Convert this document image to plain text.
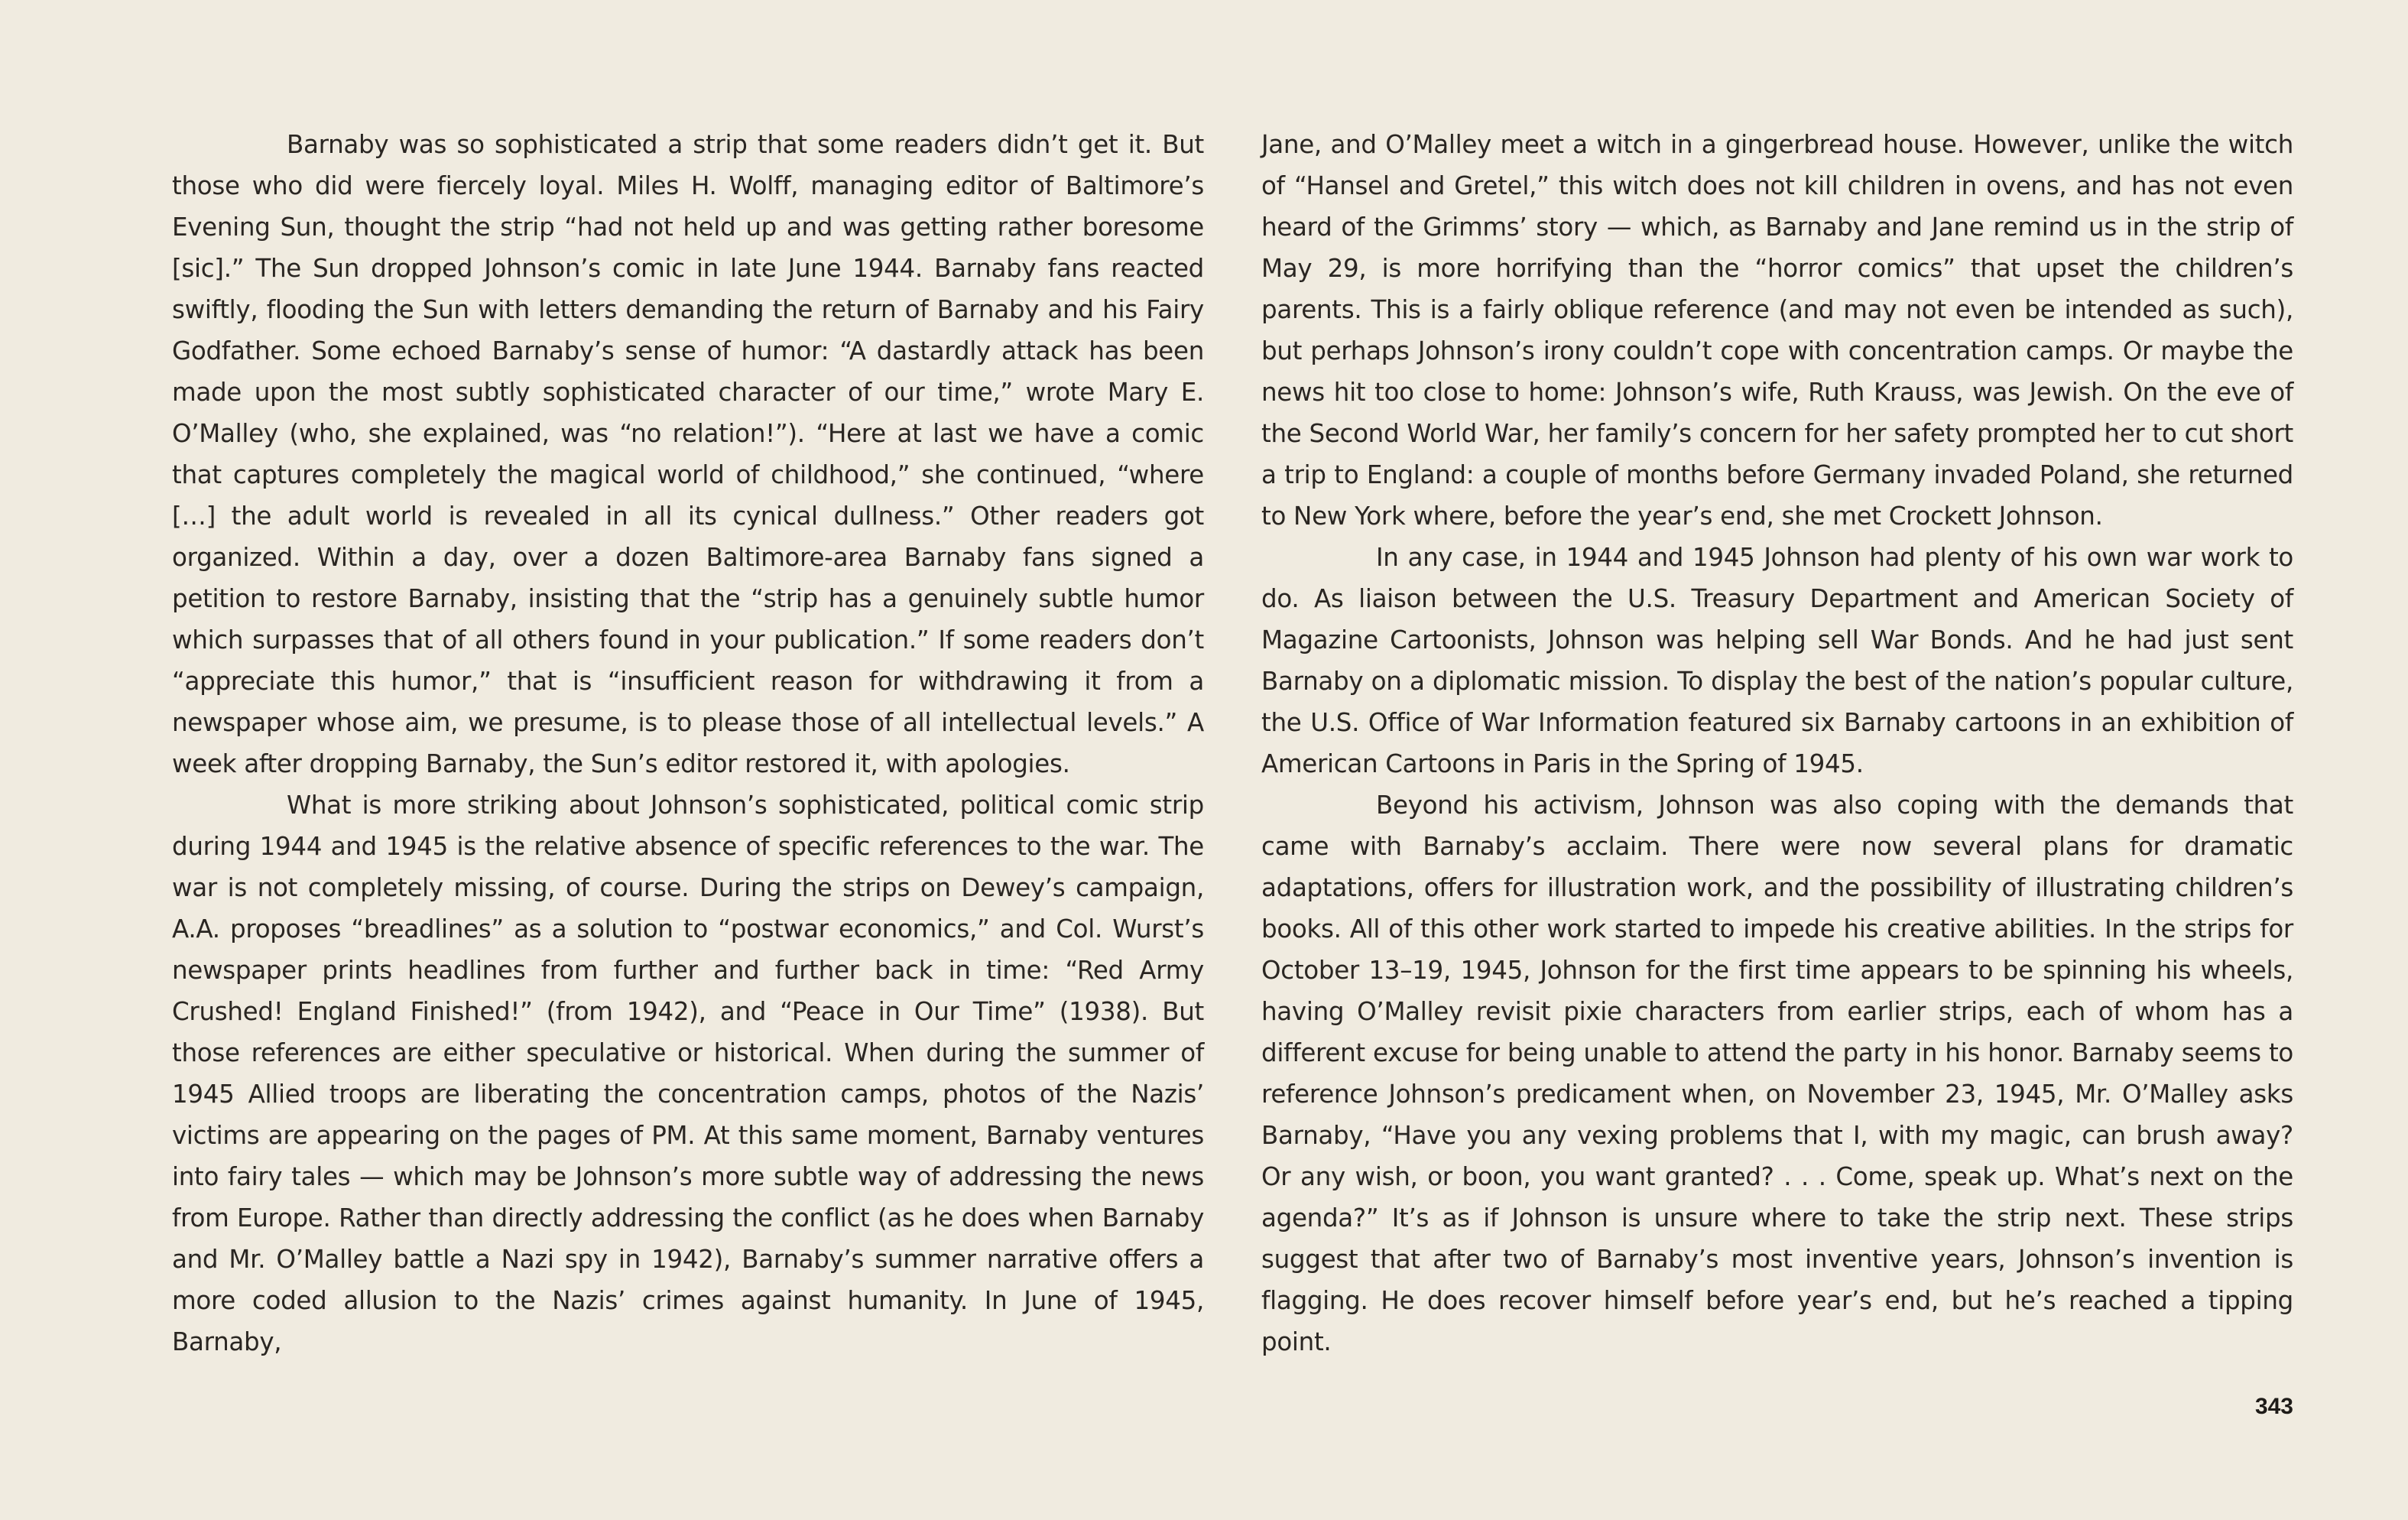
Barnaby was so sophisticated a strip that some readers didn’t get it. But those who did were fiercely loyal. Miles H. Wolff, managing editor of Baltimore’s Evening Sun, thought the strip “had not held up and was getting rather boresome [sic].” The Sun dropped Johnson’s comic in late June 1944. Barnaby fans reacted swiftly, flooding the Sun with letters demanding the return of Barnaby and his Fairy Godfather. Some echoed Barnaby’s sense of humor: “A dastardly attack has been made upon the most subtly sophisticated character of our time,” wrote Mary E. O’Malley (who, she explained, was “no relation!”). “Here at last we have a comic that captures completely the magical world of childhood,” she continued, “where […] the adult world is revealed in all its cynical dullness.” Other readers got organized. Within a day, over a dozen Baltimore-area Barnaby fans signed a petition to restore Barnaby, insisting that the “strip has a genuinely subtle humor which surpasses that of all others found in your publication.” If some readers don’t “appreciate this humor,” that is “insufficient reason for withdrawing it from a newspaper whose aim, we presume, is to please those of all intellectual levels.” A week after dropping Barnaby, the Sun’s editor restored it, with apologies.

What is more striking about Johnson’s sophisticated, political comic strip during 1944 and 1945 is the relative absence of specific references to the war. The war is not completely missing, of course. During the strips on Dewey’s campaign, A.A. proposes “breadlines” as a solution to “postwar economics,” and Col. Wurst’s newspaper prints headlines from further and further back in time: “Red Army Crushed! England Finished!” (from 1942), and “Peace in Our Time” (1938). But those references are either speculative or historical. When during the summer of 1945 Allied troops are liberating the concentration camps, photos of the Nazis’ victims are appearing on the pages of PM. At this same moment, Barnaby ventures into fairy tales — which may be Johnson’s more subtle way of addressing the news from Europe. Rather than directly addressing the conflict (as he does when Barnaby and Mr. O’Malley battle a Nazi spy in 1942), Barnaby’s summer narrative offers a more coded allusion to the Nazis’ crimes against humanity. In June of 1945, Barnaby,

Jane, and O’Malley meet a witch in a gingerbread house. However, unlike the witch of “Hansel and Gretel,” this witch does not kill children in ovens, and has not even heard of the Grimms’ story — which, as Barnaby and Jane remind us in the strip of May 29, is more horrifying than the “horror comics” that upset the children’s parents. This is a fairly oblique reference (and may not even be intended as such), but perhaps Johnson’s irony couldn’t cope with concentration camps. Or maybe the news hit too close to home: Johnson’s wife, Ruth Krauss, was Jewish. On the eve of the Second World War, her family’s concern for her safety prompted her to cut short a trip to England: a couple of months before Germany invaded Poland, she returned to New York where, before the year’s end, she met Crockett Johnson.

In any case, in 1944 and 1945 Johnson had plenty of his own war work to do. As liaison between the U.S. Treasury Department and American Society of Magazine Cartoonists, Johnson was helping sell War Bonds. And he had just sent Barnaby on a diplomatic mission. To display the best of the nation’s popular culture, the U.S. Office of War Information featured six Barnaby cartoons in an exhibition of American Cartoons in Paris in the Spring of 1945.

Beyond his activism, Johnson was also coping with the demands that came with Barnaby’s acclaim. There were now several plans for dramatic adaptations, offers for illustration work, and the possibility of illustrating children’s books. All of this other work started to impede his creative abilities. In the strips for October 13–19, 1945, Johnson for the first time appears to be spinning his wheels, having O’Malley revisit pixie characters from earlier strips, each of whom has a different excuse for being unable to attend the party in his honor. Barnaby seems to reference Johnson’s predicament when, on November 23, 1945, Mr. O’Malley asks Barnaby, “Have you any vexing problems that I, with my magic, can brush away? Or any wish, or boon, you want granted? . . . Come, speak up. What’s next on the agenda?” It’s as if Johnson is unsure where to take the strip next. These strips suggest that after two of Barnaby’s most inventive years, Johnson’s invention is flagging. He does recover himself before year’s end, but he’s reached a tipping point.

343
